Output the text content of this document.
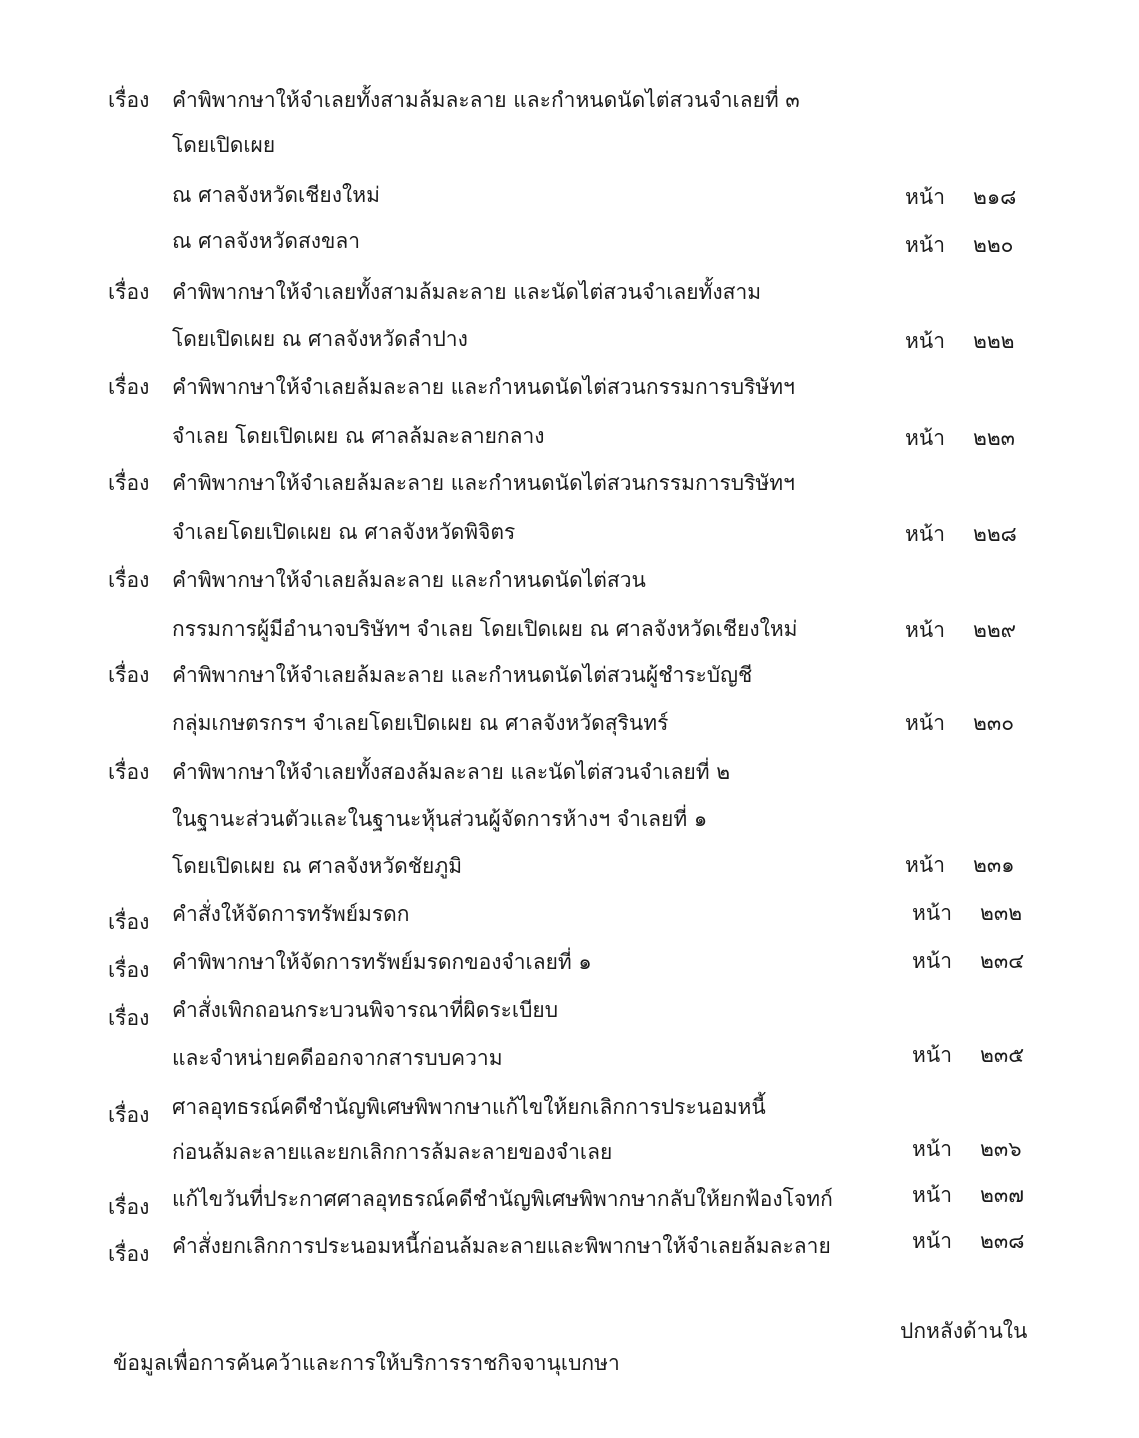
เรื่อง คำพิพากษาให้จำเลยทั้งสามล้มละลาย และกำหนดนัดไต่สวนจำเลยที่ ๓
โดยเปิดเผย
ณ ศาลจังหวัดเชียงใหม่	หน้า ๒๑๘
ณ ศาลจังหวัดสงขลา	หน้า ๒๒๐
เรื่อง คำพิพากษาให้จำเลยทั้งสามล้มละลาย และนัดไต่สวนจำเลยทั้งสาม
โดยเปิดเผย ณ ศาลจังหวัดลำปาง	หน้า ๒๒๒
เรื่อง คำพิพากษาให้จำเลยล้มละลาย และกำหนดนัดไต่สวนกรรมการบริษัทฯ
จำเลย โดยเปิดเผย ณ ศาลล้มละลายกลาง	หน้า ๒๒๓
เรื่อง คำพิพากษาให้จำเลยล้มละลาย และกำหนดนัดไต่สวนกรรมการบริษัทฯ
จำเลยโดยเปิดเผย ณ ศาลจังหวัดพิจิตร	หน้า ๒๒๘
เรื่อง คำพิพากษาให้จำเลยล้มละลาย และกำหนดนัดไต่สวน
กรรมการผู้มีอำนาจบริษัทฯ จำเลย โดยเปิดเผย ณ ศาลจังหวัดเชียงใหม่	หน้า ๒๒๙
เรื่อง คำพิพากษาให้จำเลยล้มละลาย และกำหนดนัดไต่สวนผู้ชำระบัญชี
กลุ่มเกษตรกรฯ จำเลยโดยเปิดเผย ณ ศาลจังหวัดสุรินทร์	หน้า ๒๓๐
เรื่อง คำพิพากษาให้จำเลยทั้งสองล้มละลาย และนัดไต่สวนจำเลยที่ ๒
ในฐานะส่วนตัวและในฐานะหุ้นส่วนผู้จัดการห้างฯ จำเลยที่ ๑
โดยเปิดเผย ณ ศาลจังหวัดชัยภูมิ	หน้า ๒๓๑
เรื่อง คำสั่งให้จัดการทรัพย์มรดก	หน้า ๒๓๒
เรื่อง คำพิพากษาให้จัดการทรัพย์มรดกของจำเลยที่ ๑	หน้า ๒๓๔
เรื่อง คำสั่งเพิกถอนกระบวนพิจารณาที่ผิดระเบียบ
และจำหน่ายคดีออกจากสารบบความ	หน้า ๒๓๕
เรื่อง ศาลอุทธรณ์คดีชำนัญพิเศษพิพากษาแก้ไขให้ยกเลิกการประนอมหนี้
ก่อนล้มละลายและยกเลิกการล้มละลายของจำเลย	หน้า ๒๓๖
เรื่อง แก้ไขวันที่ประกาศศาลอุทธรณ์คดีชำนัญพิเศษพิพากษากลับให้ยกฟ้องโจทก์	หน้า ๒๓๗
เรื่อง คำสั่งยกเลิกการประนอมหนี้ก่อนล้มละลายและพิพากษาให้จำเลยล้มละลาย	หน้า ๒๓๘
ข้อมูลเพื่อการค้นคว้าและการให้บริการราชกิจจานุเบกษา
ปกหลังด้านใน
